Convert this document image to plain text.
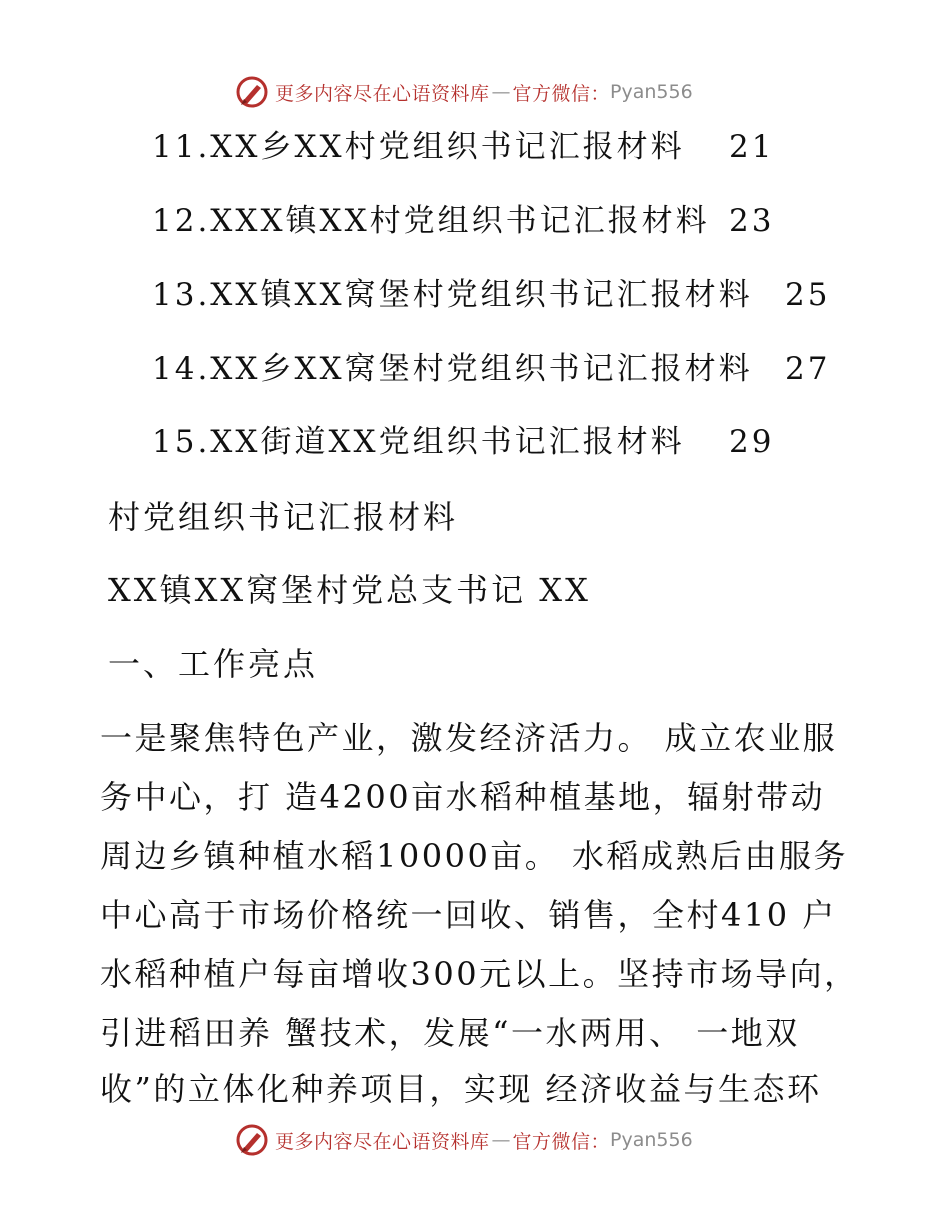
更多内容尽在心语资料库 — 官方微信： Pyan556
11.XX乡XX村党组织书记汇报材料 21
12.XXX镇XX村党组织书记汇报材料 23
13.XX镇XX窝堡村党组织书记汇报材料 25
14.XX乡XX窝堡村党组织书记汇报材料 27
15.XX街道XX党组织书记汇报材料 29
村党组织书记汇报材料
XX镇XX窝堡村党总支书记 XX
一、工作亮点
一是聚焦特色产业，激发经济活力。 成立农业服
务中心，打 造4200亩水稻种植基地，辐射带动
周边乡镇种植水稻10000亩。 水稻成熟后由服务
中心高于市场价格统一回收、销售，全村410 户
水稻种植户每亩增收300元以上。坚持市场导向，
引进稻田养 蟹技术，发展“一水两用、 一地双
收”的立体化种养项目，实现 经济收益与生态环
更多内容尽在心语资料库 — 官方微信： Pyan556
